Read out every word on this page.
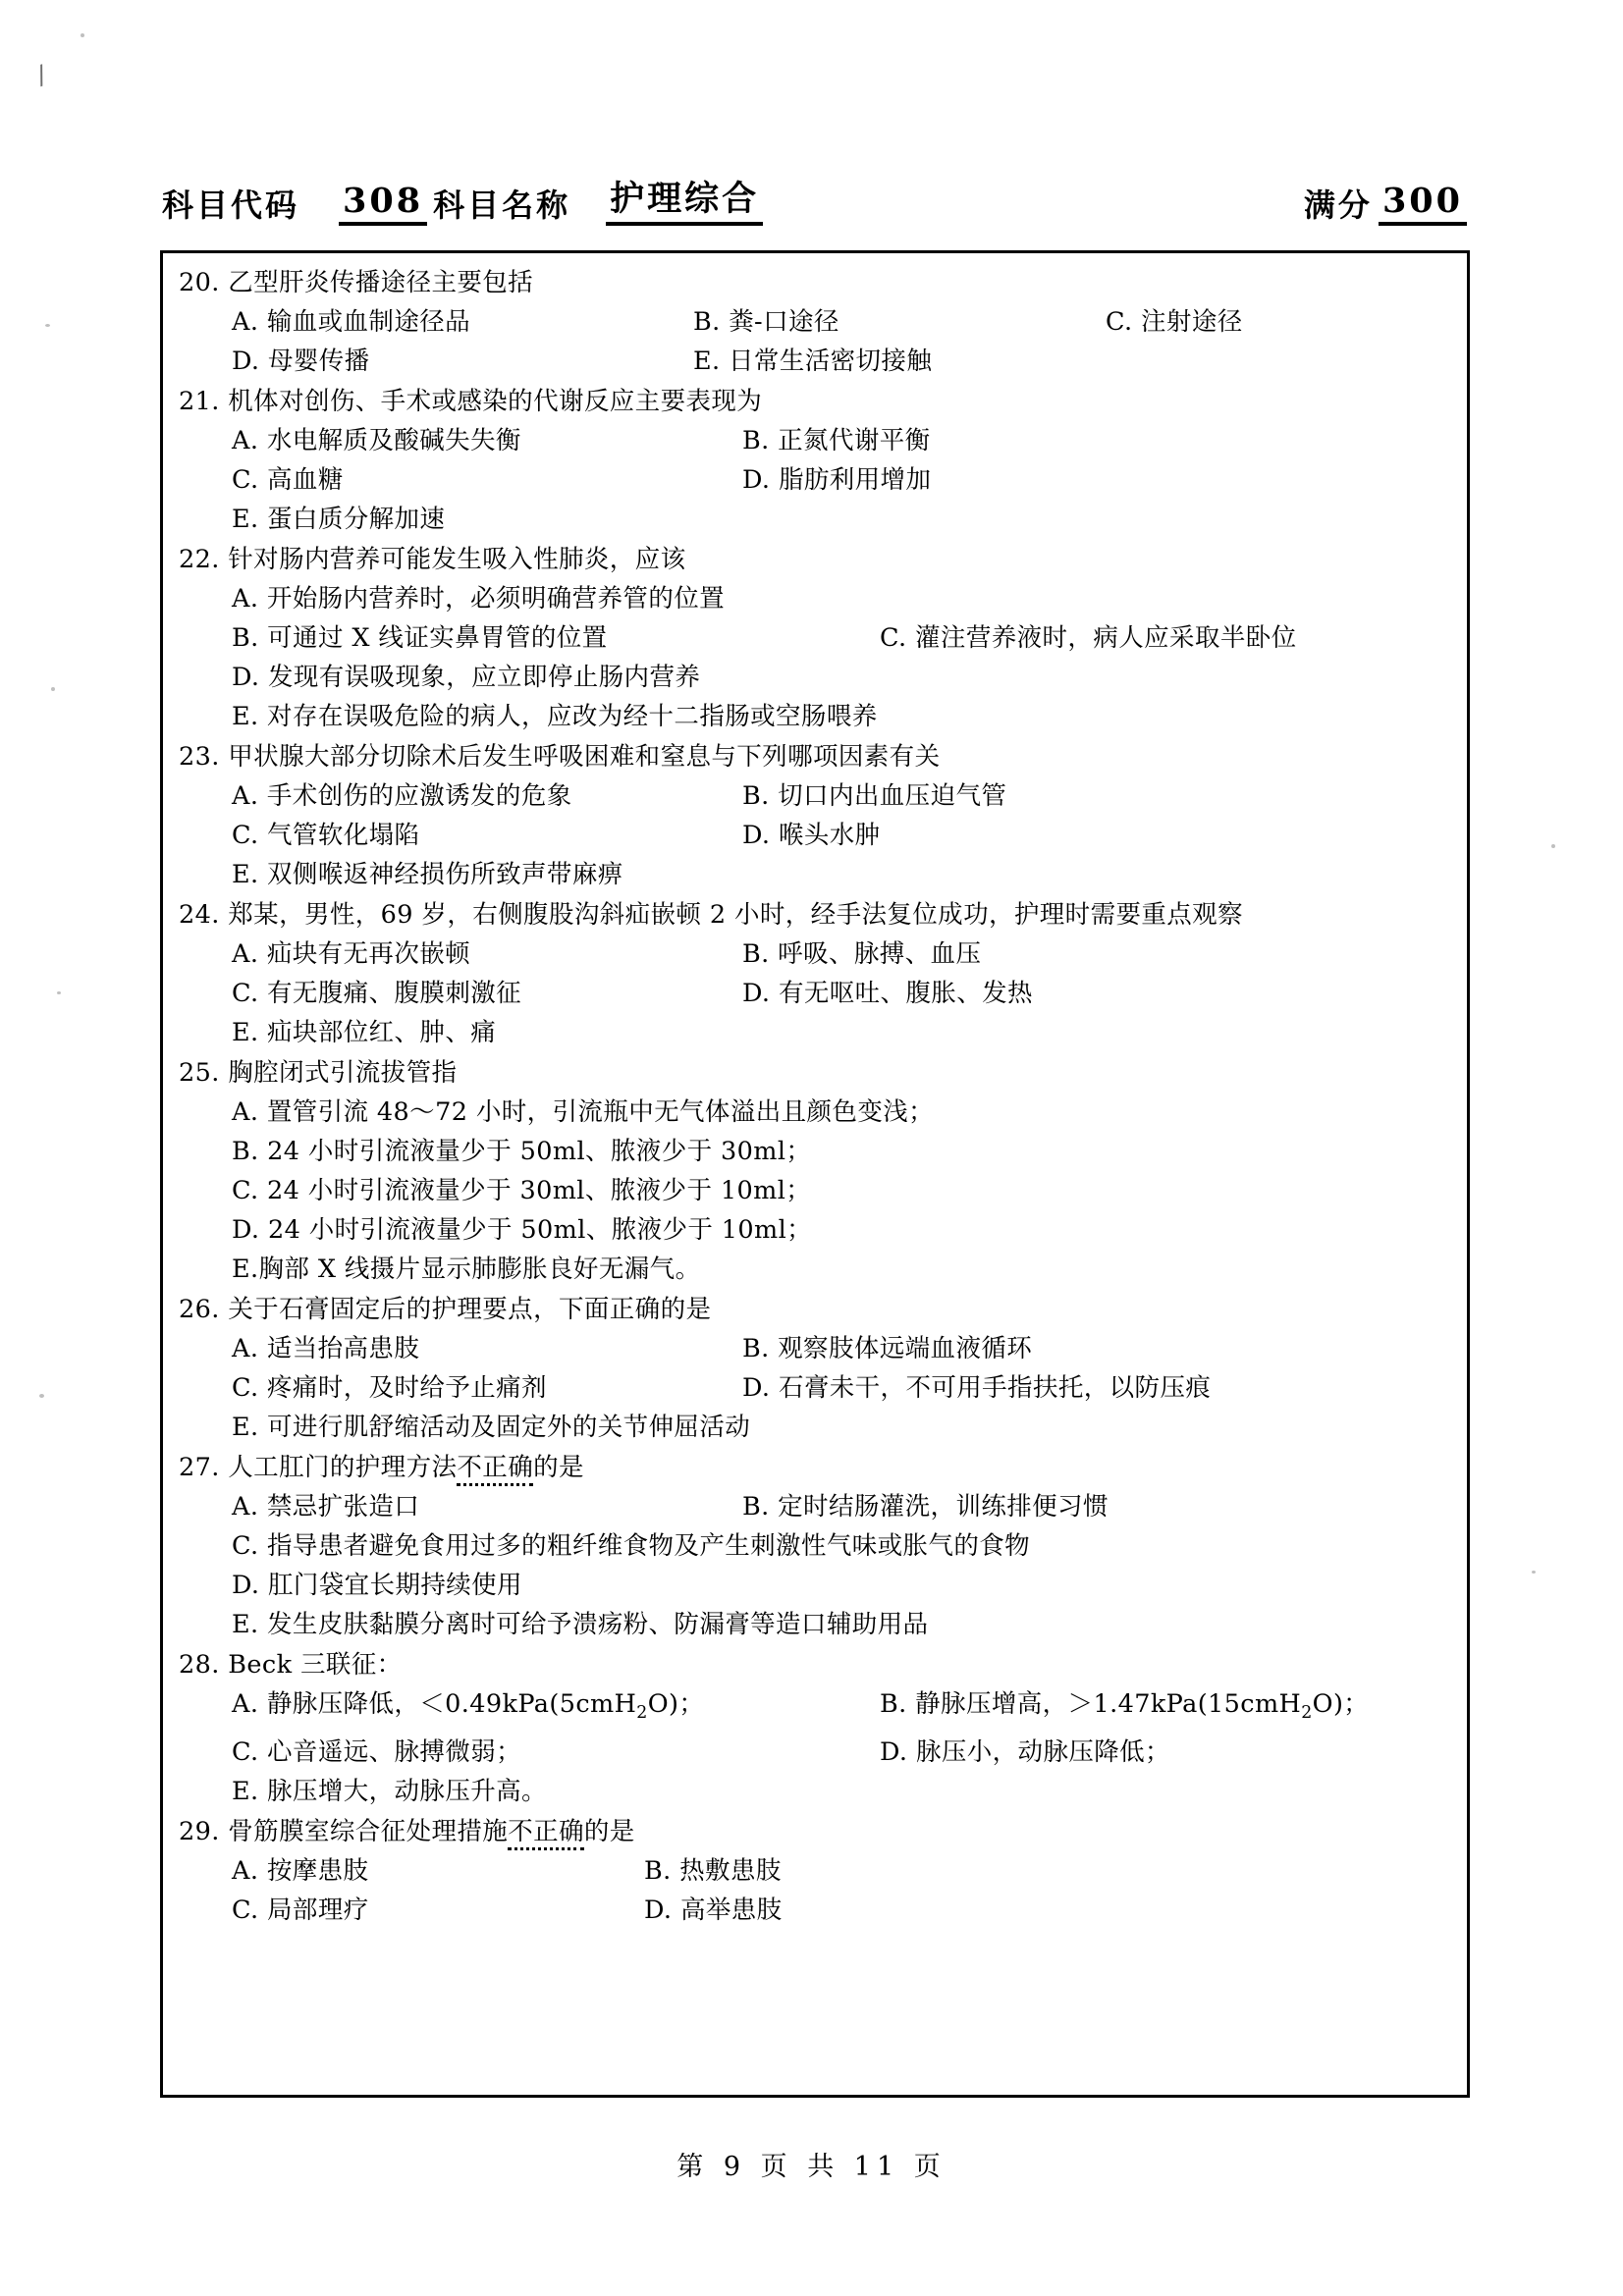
/
科目代码 308 科目名称 护理综合	满分 300
20. 乙型肝炎传播途径主要包括
A. 输血或血制途径品	B. 粪-口途径	C. 注射途径
D. 母婴传播	E. 日常生活密切接触
21. 机体对创伤、手术或感染的代谢反应主要表现为
A. 水电解质及酸碱失失衡	B. 正氮代谢平衡
C. 高血糖	D. 脂肪利用增加
E. 蛋白质分解加速
22. 针对肠内营养可能发生吸入性肺炎，应该
A. 开始肠内营养时，必须明确营养管的位置
B. 可通过 X 线证实鼻胃管的位置	C. 灌注营养液时，病人应采取半卧位
D. 发现有误吸现象，应立即停止肠内营养
E. 对存在误吸危险的病人，应改为经十二指肠或空肠喂养
23. 甲状腺大部分切除术后发生呼吸困难和窒息与下列哪项因素有关
A. 手术创伤的应激诱发的危象	B. 切口内出血压迫气管
C. 气管软化塌陷	D. 喉头水肿
E. 双侧喉返神经损伤所致声带麻痹
24. 郑某，男性，69 岁，右侧腹股沟斜疝嵌顿 2 小时，经手法复位成功，护理时需要重点观察
A. 疝块有无再次嵌顿	B. 呼吸、脉搏、血压
C. 有无腹痛、腹膜刺激征	D. 有无呕吐、腹胀、发热
E. 疝块部位红、肿、痛
25. 胸腔闭式引流拔管指
A. 置管引流 48～72 小时，引流瓶中无气体溢出且颜色变浅；
B. 24 小时引流液量少于 50ml、脓液少于 30ml；
C. 24 小时引流液量少于 30ml、脓液少于 10ml；
D. 24 小时引流液量少于 50ml、脓液少于 10ml；
E.胸部 X 线摄片显示肺膨胀良好无漏气。
26. 关于石膏固定后的护理要点，下面正确的是
A. 适当抬高患肢	B. 观察肢体远端血液循环
C. 疼痛时，及时给予止痛剂	D. 石膏未干，不可用手指扶托，以防压痕
E. 可进行肌舒缩活动及固定外的关节伸屈活动
27. 人工肛门的护理方法不正确的是
A. 禁忌扩张造口	B. 定时结肠灌洗，训练排便习惯
C. 指导患者避免食用过多的粗纤维食物及产生刺激性气味或胀气的食物
D. 肛门袋宜长期持续使用
E. 发生皮肤黏膜分离时可给予溃疡粉、防漏膏等造口辅助用品
28. Beck 三联征：
A. 静脉压降低，＜0.49kPa(5cmH$_2$O)；	B. 静脉压增高，＞1.47kPa(15cmH$_2$O)；
C. 心音遥远、脉搏微弱；	D. 脉压小，动脉压降低；
E. 脉压增大，动脉压升高。
29. 骨筋膜室综合征处理措施不正确的是
A. 按摩患肢	B. 热敷患肢
C. 局部理疗	D. 高举患肢
第 9 页 共 11 页
